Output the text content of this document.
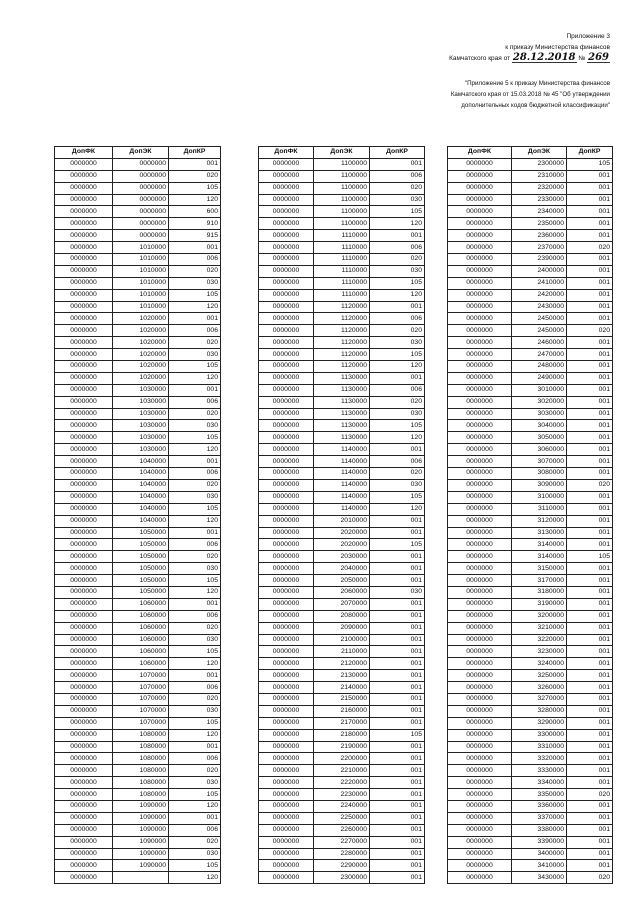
Приложение 3
к приказу Министерства финансов
Камчатского края от 28.12.2018 № 269
"Приложение 5 к приказу Министерства финансов
Камчатского края от 15.03.2018 № 45 "Об утверждении
дополнительных кодов бюджетной классификации"
ДопФК	ДопЭК	ДопКР
0000000	0000000	001
0000000	0000000	020
0000000	0000000	105
0000000	0000000	120
0000000	0000000	600
0000000	0000000	910
0000000	0000000	915
0000000	1010000	001
0000000	1010000	006
0000000	1010000	020
0000000	1010000	030
0000000	1010000	105
0000000	1010000	120
0000000	1020000	001
0000000	1020000	006
0000000	1020000	020
0000000	1020000	030
0000000	1020000	105
0000000	1020000	120
0000000	1030000	001
0000000	1030000	006
0000000	1030000	020
0000000	1030000	030
0000000	1030000	105
0000000	1030000	120
0000000	1040000	001
0000000	1040000	006
0000000	1040000	020
0000000	1040000	030
0000000	1040000	105
0000000	1040000	120
0000000	1050000	001
0000000	1050000	006
0000000	1050000	020
0000000	1050000	030
0000000	1050000	105
0000000	1050000	120
0000000	1060000	001
0000000	1060000	006
0000000	1060000	020
0000000	1060000	030
0000000	1060000	105
0000000	1060000	120
0000000	1070000	001
0000000	1070000	006
0000000	1070000	020
0000000	1070000	030
0000000	1070000	105
0000000	1080000	120
0000000	1080000	001
0000000	1080000	006
0000000	1080000	020
0000000	1080000	030
0000000	1080000	105
0000000	1090000	120
0000000	1090000	001
0000000	1090000	006
0000000	1090000	020
0000000	1090000	030
0000000	1090000	105
0000000		120
ДопФК	ДопЭК	ДопКР
0000000	1100000	001
0000000	1100000	006
0000000	1100000	020
0000000	1100000	030
0000000	1100000	105
0000000	1100000	120
0000000	1110000	001
0000000	1110000	006
0000000	1110000	020
0000000	1110000	030
0000000	1110000	105
0000000	1110000	120
0000000	1120000	001
0000000	1120000	006
0000000	1120000	020
0000000	1120000	030
0000000	1120000	105
0000000	1120000	120
0000000	1130000	001
0000000	1130000	006
0000000	1130000	020
0000000	1130000	030
0000000	1130000	105
0000000	1130000	120
0000000	1140000	001
0000000	1140000	006
0000000	1140000	020
0000000	1140000	030
0000000	1140000	105
0000000	1140000	120
0000000	2010000	001
0000000	2020000	001
0000000	2020000	105
0000000	2030000	001
0000000	2040000	001
0000000	2050000	001
0000000	2060000	030
0000000	2070000	001
0000000	2080000	001
0000000	2090000	001
0000000	2100000	001
0000000	2110000	001
0000000	2120000	001
0000000	2130000	001
0000000	2140000	001
0000000	2150000	001
0000000	2160000	001
0000000	2170000	001
0000000	2180000	105
0000000	2190000	001
0000000	2200000	001
0000000	2210000	001
0000000	2220000	001
0000000	2230000	001
0000000	2240000	001
0000000	2250000	001
0000000	2260000	001
0000000	2270000	001
0000000	2280000	001
0000000	2290000	001
0000000	2300000	001
ДопФК	ДопЭК	ДопКР
0000000	2300000	105
0000000	2310000	001
0000000	2320000	001
0000000	2330000	001
0000000	2340000	001
0000000	2350000	001
0000000	2360000	001
0000000	2370000	020
0000000	2390000	001
0000000	2400000	001
0000000	2410000	001
0000000	2420000	001
0000000	2430000	001
0000000	2450000	001
0000000	2450000	020
0000000	2460000	001
0000000	2470000	001
0000000	2480000	001
0000000	2490000	001
0000000	3010000	001
0000000	3020000	001
0000000	3030000	001
0000000	3040000	001
0000000	3050000	001
0000000	3060000	001
0000000	3070000	001
0000000	3080000	001
0000000	3090000	020
0000000	3100000	001
0000000	3110000	001
0000000	3120000	001
0000000	3130000	001
0000000	3140000	001
0000000	3140000	105
0000000	3150000	001
0000000	3170000	001
0000000	3180000	001
0000000	3190000	001
0000000	3200000	001
0000000	3210000	001
0000000	3220000	001
0000000	3230000	001
0000000	3240000	001
0000000	3250000	001
0000000	3260000	001
0000000	3270000	001
0000000	3280000	001
0000000	3290000	001
0000000	3300000	001
0000000	3310000	001
0000000	3320000	001
0000000	3330000	001
0000000	3340000	001
0000000	3350000	020
0000000	3360000	001
0000000	3370000	001
0000000	3380000	001
0000000	3390000	001
0000000	3400000	001
0000000	3410000	001
0000000	3430000	020
